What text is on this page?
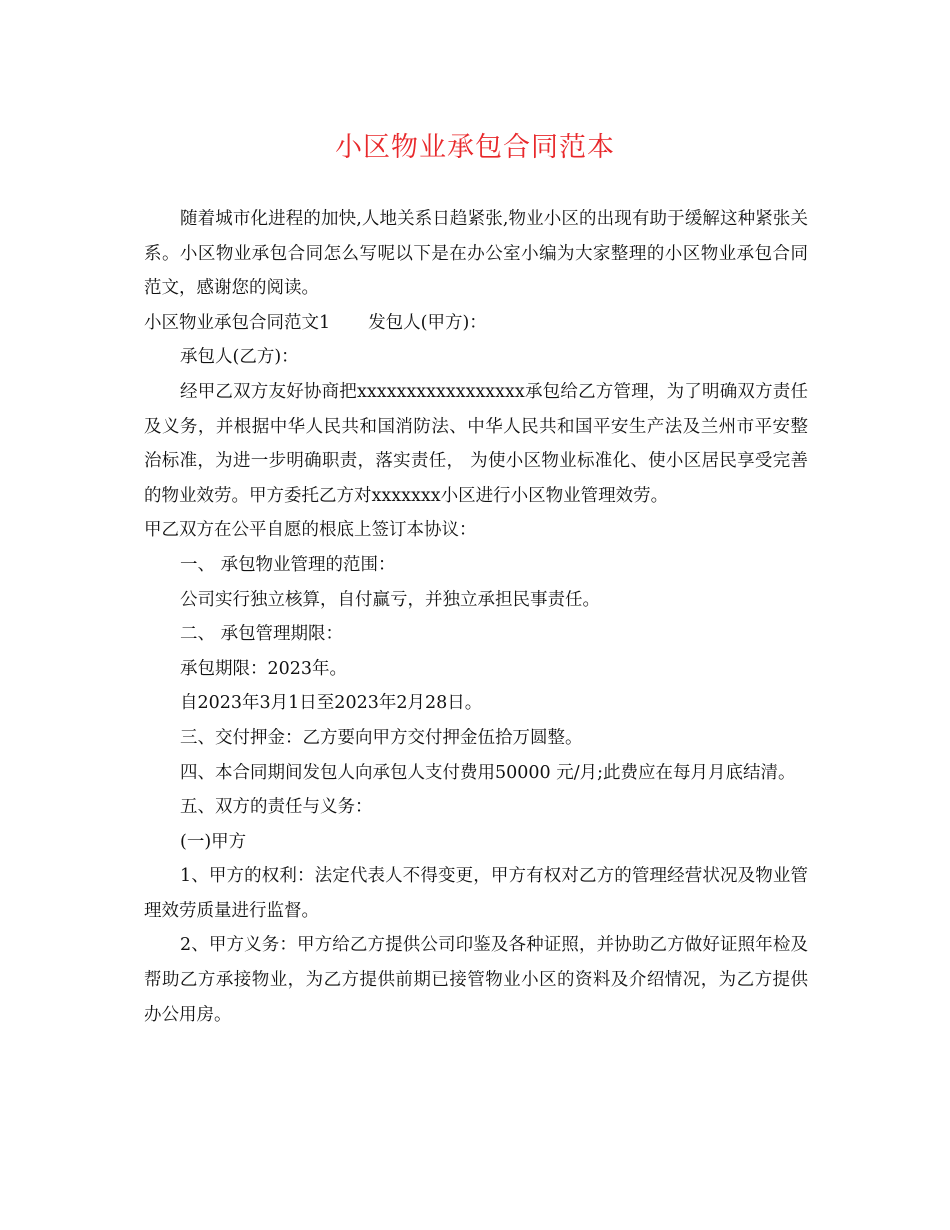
小区物业承包合同范本

随着城市化进程的加快,人地关系日趋紧张,物业小区的出现有助于缓解这种紧张关系。小区物业承包合同怎么写呢以下是在办公室小编为大家整理的小区物业承包合同范文，感谢您的阅读。

小区物业承包合同范文1 发包人(甲方)：

承包人(乙方)：

经甲乙双方友好协商把xxxxxxxxxxxxxxxxx承包给乙方管理，为了明确双方责任及义务，并根据中华人民共和国消防法、中华人民共和国平安生产法及兰州市平安整治标准，为进一步明确职责，落实责任， 为使小区物业标准化、使小区居民享受完善的物业效劳。甲方委托乙方对xxxxxxx小区进行小区物业管理效劳。

甲乙双方在公平自愿的根底上签订本协议：

一、 承包物业管理的范围：

公司实行独立核算，自付赢亏，并独立承担民事责任。

二、 承包管理期限：

承包期限：2023年。

自2023年3月1日至2023年2月28日。

三、交付押金：乙方要向甲方交付押金伍拾万圆整。

四、本合同期间发包人向承包人支付费用50000 元/月;此费应在每月月底结清。

五、双方的责任与义务：

(一)甲方

1、甲方的权利：法定代表人不得变更，甲方有权对乙方的管理经营状况及物业管理效劳质量进行监督。

2、甲方义务：甲方给乙方提供公司印鉴及各种证照，并协助乙方做好证照年检及帮助乙方承接物业，为乙方提供前期已接管物业小区的资料及介绍情况，为乙方提供办公用房。
